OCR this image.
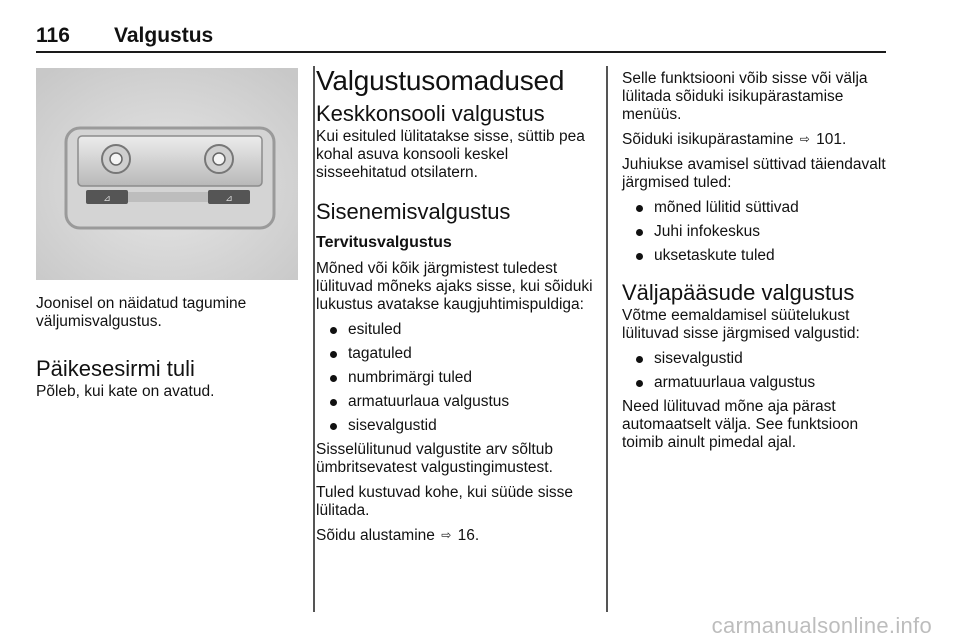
116 Valgustus
⊿	⊿

Joonisel on näidatud tagumine väljumisvalgustus.

Päikesesirmi tuli

Põleb, kui kate on avatud.

Valgustusomadused
Keskkonsooli valgustus

Kui esituled lülitatakse sisse, süttib pea kohal asuva konsooli keskel sisseehitatud otsilatern.

Sisenemisvalgustus
Tervitusvalgustus

Mõned või kõik järgmistest tuledest lülituvad mõneks ajaks sisse, kui sõiduki lukustus avatakse kaugjuhtimispuldiga:

esituled
tagatuled
numbrimärgi tuled
armatuurlaua valgustus
sisevalgustid

Sisselülitunud valgustite arv sõltub ümbritsevatest valgustingimustest.

Tuled kustuvad kohe, kui süüde sisse lülitada.

Sõidu alustamine ⇨ 16.

Selle funktsiooni võib sisse või välja lülitada sõiduki isikupärastamise menüüs.

Sõiduki isikupärastamine ⇨ 101.

Juhiukse avamisel süttivad täiendavalt järgmised tuled:

mõned lülitid süttivad
Juhi infokeskus
uksetaskute tuled
Väljapääsude valgustus

Võtme eemaldamisel süütelukust lülituvad sisse järgmised valgustid:

sisevalgustid
armatuurlaua valgustus

Need lülituvad mõne aja pärast automaatselt välja. See funktsioon toimib ainult pimedal ajal.

carmanualsonline.info
